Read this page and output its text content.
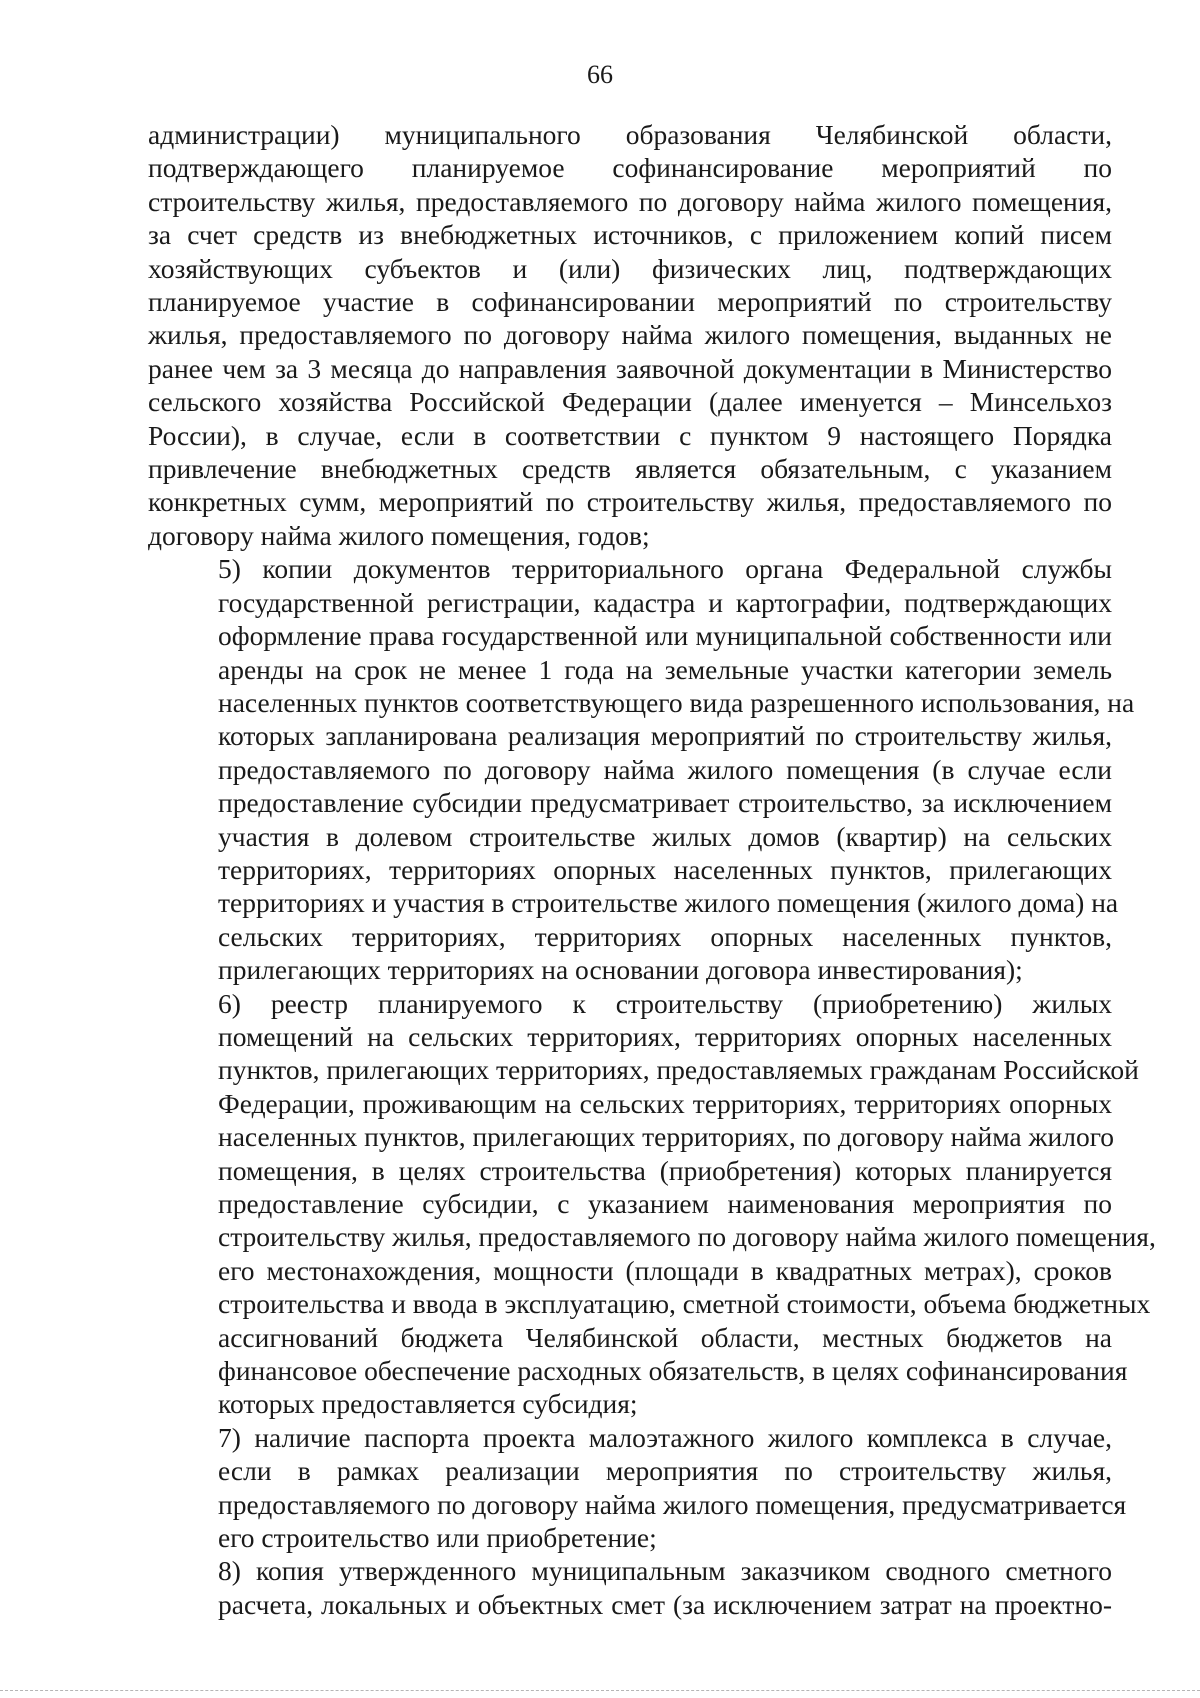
66
администрации) муниципального образования Челябинской области,
подтверждающего планируемое софинансирование мероприятий по
строительству жилья, предоставляемого по договору найма жилого помещения,
за счет средств из внебюджетных источников, с приложением копий писем
хозяйствующих субъектов и (или) физических лиц, подтверждающих
планируемое участие в софинансировании мероприятий по строительству
жилья, предоставляемого по договору найма жилого помещения, выданных не
ранее чем за 3 месяца до направления заявочной документации в Министерство
сельского хозяйства Российской Федерации (далее именуется – Минсельхоз
России), в случае, если в соответствии с пунктом 9 настоящего Порядка
привлечение внебюджетных средств является обязательным, с указанием
конкретных сумм, мероприятий по строительству жилья, предоставляемого по
договору найма жилого помещения, годов;
5) копии документов территориального органа Федеральной службы
государственной регистрации, кадастра и картографии, подтверждающих
оформление права государственной или муниципальной собственности или
аренды на срок не менее 1 года на земельные участки категории земель
населенных пунктов соответствующего вида разрешенного использования, на
которых запланирована реализация мероприятий по строительству жилья,
предоставляемого по договору найма жилого помещения (в случае если
предоставление субсидии предусматривает строительство, за исключением
участия в долевом строительстве жилых домов (квартир) на сельских
территориях, территориях опорных населенных пунктов, прилегающих
территориях и участия в строительстве жилого помещения (жилого дома) на
сельских территориях, территориях опорных населенных пунктов,
прилегающих территориях на основании договора инвестирования);
6) реестр планируемого к строительству (приобретению) жилых
помещений на сельских территориях, территориях опорных населенных
пунктов, прилегающих территориях, предоставляемых гражданам Российской
Федерации, проживающим на сельских территориях, территориях опорных
населенных пунктов, прилегающих территориях, по договору найма жилого
помещения, в целях строительства (приобретения) которых планируется
предоставление субсидии, с указанием наименования мероприятия по
строительству жилья, предоставляемого по договору найма жилого помещения,
его местонахождения, мощности (площади в квадратных метрах), сроков
строительства и ввода в эксплуатацию, сметной стоимости, объема бюджетных
ассигнований бюджета Челябинской области, местных бюджетов на
финансовое обеспечение расходных обязательств, в целях софинансирования
которых предоставляется субсидия;
7) наличие паспорта проекта малоэтажного жилого комплекса в случае,
если в рамках реализации мероприятия по строительству жилья,
предоставляемого по договору найма жилого помещения, предусматривается
его строительство или приобретение;
8) копия утвержденного муниципальным заказчиком сводного сметного
расчета, локальных и объектных смет (за исключением затрат на проектно-
